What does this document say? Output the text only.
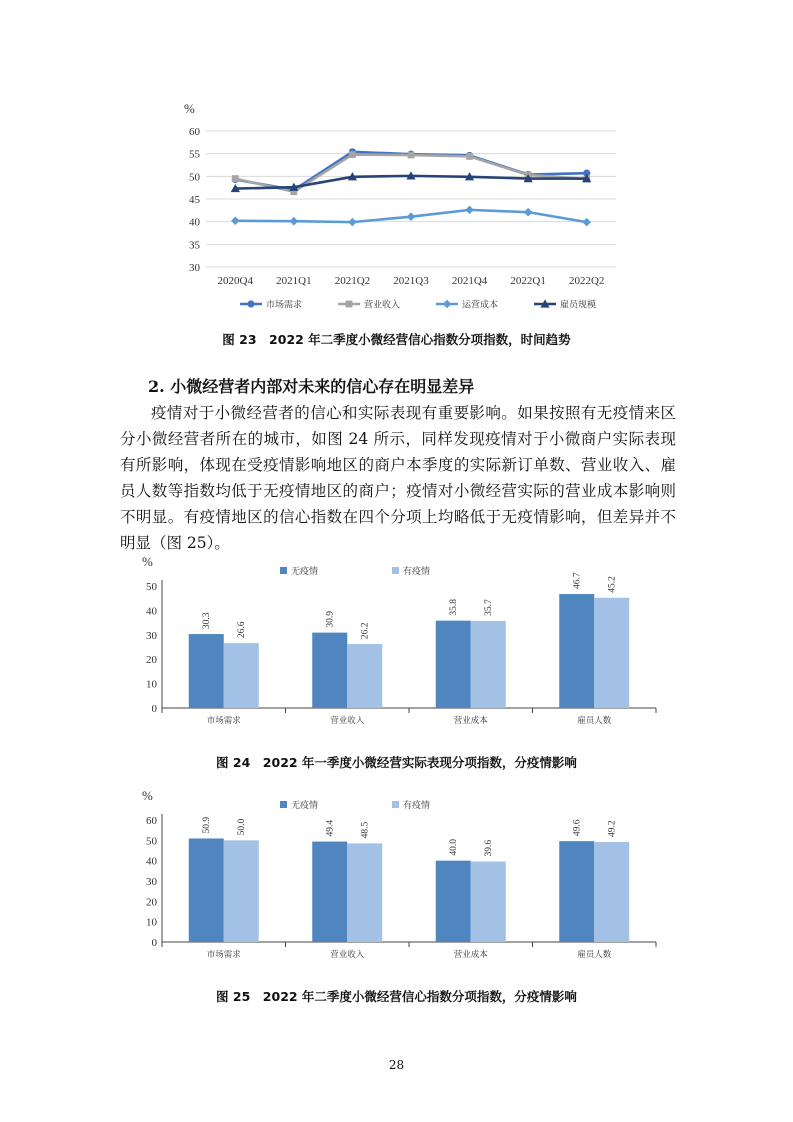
%
30
35
40
45
50
55
60
2020Q4 2021Q1 2021Q2 2021Q3 2021Q4 2022Q1 2022Q2
市场需求	营业收入	运营成本	雇员规模
图 23　2022 年二季度小微经营信心指数分项指数，时间趋势
2. 小微经营者内部对未来的信心存在明显差异
疫情对于小微经营者的信心和实际表现有重要影响。如果按照有无疫情来区分小微经营者所在的城市，如图 24 所示，同样发现疫情对于小微商户实际表现有所影响，体现在受疫情影响地区的商户本季度的实际新订单数、营业收入、雇员人数等指数均低于无疫情地区的商户；疫情对小微经营实际的营业成本影响则不明显。有疫情地区的信心指数在四个分项上均略低于无疫情影响，但差异并不明显（图 25）。
%
0
10
20
30
40
50
市场需求
30.3
26.6
营业收入
30.9
26.2
营业成本
35.8	35.7
雇员人数
46.7	45.2
无疫情	有疫情
图 24　2022 年一季度小微经营实际表现分项指数，分疫情影响
%
0
10
20
30
40
50
60
市场需求
50.9	50.0
营业收入
49.4	48.5
营业成本
40.0	39.6
雇员人数
49.6	49.2
无疫情	有疫情
图 25　2022 年二季度小微经营信心指数分项指数，分疫情影响
28
